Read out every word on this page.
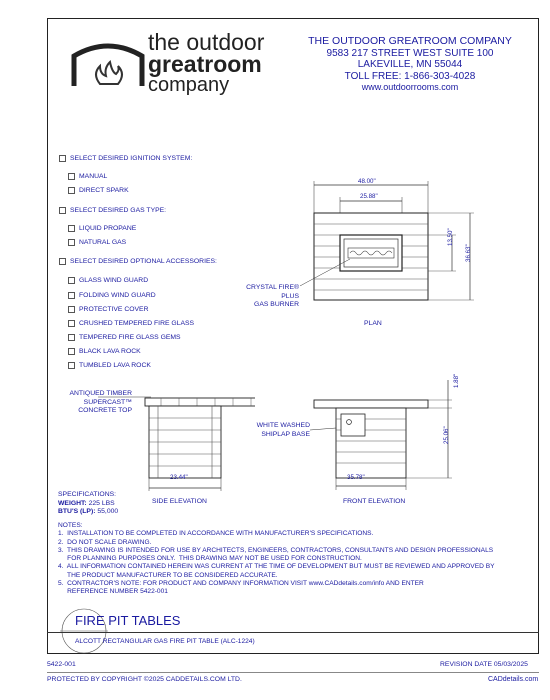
the outdoor
greatroom
company
THE OUTDOOR GREATROOM COMPANY
9583 217 STREET WEST SUITE 100
LAKEVILLE, MN 55044
TOLL FREE: 1-866-303-4028
www.outdoorrooms.com
SELECT DESIRED IGNITION SYSTEM:
MANUAL
DIRECT SPARK
SELECT DESIRED GAS TYPE:
LIQUID PROPANE
NATURAL GAS
SELECT DESIRED OPTIONAL ACCESSORIES:
GLASS WIND GUARD
FOLDING WIND GUARD
PROTECTIVE COVER
CRUSHED TEMPERED FIRE GLASS
TEMPERED FIRE GLASS GEMS
BLACK LAVA ROCK
TUMBLED LAVA ROCK
48.00"
25.88"
13.50"
36.63"
CRYSTAL FIRE® PLUS
GAS BURNER
PLAN
ANTIQUED TIMBER
SUPERCAST™
CONCRETE TOP
23.44"
SIDE ELEVATION
1.88"
25.06"
35.78"
WHITE WASHED
SHIPLAP BASE
FRONT ELEVATION
SPECIFICATIONS:
WEIGHT: 225 LBS
BTU'S (LP): 55,000
NOTES:
1.  INSTALLATION TO BE COMPLETED IN ACCORDANCE WITH MANUFACTURER'S SPECIFICATIONS.
2.  DO NOT SCALE DRAWING.
3.  THIS DRAWING IS INTENDED FOR USE BY ARCHITECTS, ENGINEERS, CONTRACTORS, CONSULTANTS AND DESIGN PROFESSIONALS
FOR PLANNING PURPOSES ONLY.  THIS DRAWING MAY NOT BE USED FOR CONSTRUCTION.
4.  ALL INFORMATION CONTAINED HEREIN WAS CURRENT AT THE TIME OF DEVELOPMENT BUT MUST BE REVIEWED AND APPROVED BY
THE PRODUCT MANUFACTURER TO BE CONSIDERED ACCURATE.
5.  CONTRACTOR'S NOTE: FOR PRODUCT AND COMPANY INFORMATION VISIT www.CADdetails.com/info AND ENTER
REFERENCE NUMBER 5422-001
FIRE PIT TABLES
ALCOTT RECTANGULAR GAS FIRE PIT TABLE (ALC-1224)
5422-001	REVISION DATE 05/03/2025
PROTECTED BY COPYRIGHT ©2025 CADDETAILS.COM LTD.	CADdetails.com
